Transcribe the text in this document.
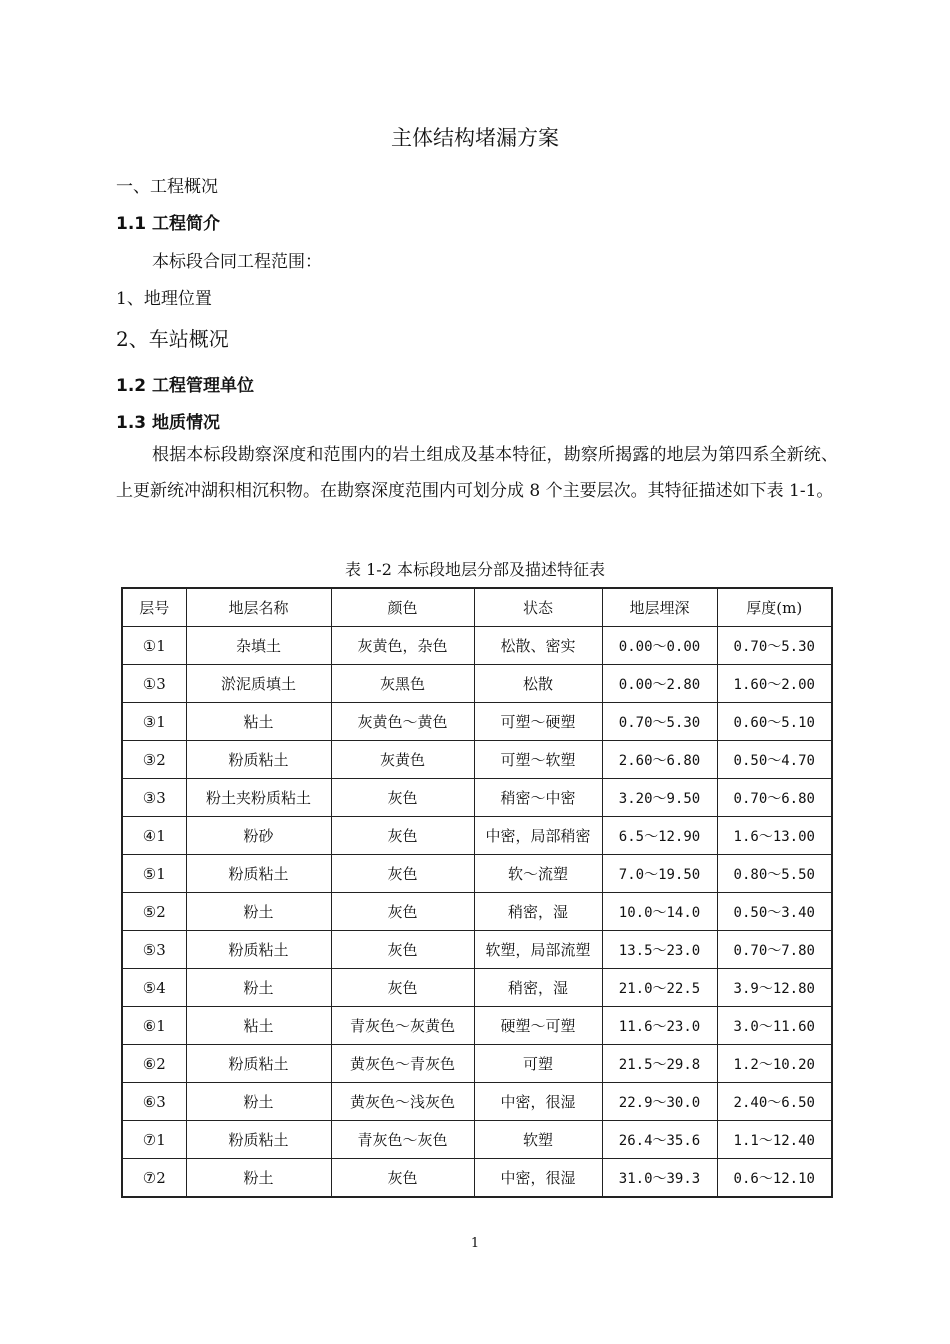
主体结构堵漏方案
一、工程概况
1.1 工程简介
本标段合同工程范围：
1、地理位置
2、车站概况
1.2 工程管理单位
1.3 地质情况
根据本标段勘察深度和范围内的岩土组成及基本特征，勘察所揭露的地层为第四系全新统、上更新统冲湖积相沉积物。在勘察深度范围内可划分成 8 个主要层次。其特征描述如下表 1-1。
表 1-2 本标段地层分部及描述特征表
层号	地层名称	颜色	状态	地层埋深	厚度(m)
①1	杂填土	灰黄色，杂色	松散、密实	0.00～0.00	0.70～5.30
①3	淤泥质填土	灰黑色	松散	0.00～2.80	1.60～2.00
③1	粘土	灰黄色～黄色	可塑～硬塑	0.70～5.30	0.60～5.10
③2	粉质粘土	灰黄色	可塑～软塑	2.60～6.80	0.50～4.70
③3	粉土夹粉质粘土	灰色	稍密～中密	3.20～9.50	0.70～6.80
④1	粉砂	灰色	中密，局部稍密	6.5～12.90	1.6～13.00
⑤1	粉质粘土	灰色	软～流塑	7.0～19.50	0.80～5.50
⑤2	粉土	灰色	稍密，湿	10.0～14.0	0.50～3.40
⑤3	粉质粘土	灰色	软塑，局部流塑	13.5～23.0	0.70～7.80
⑤4	粉土	灰色	稍密，湿	21.0～22.5	3.9～12.80
⑥1	粘土	青灰色～灰黄色	硬塑～可塑	11.6～23.0	3.0～11.60
⑥2	粉质粘土	黄灰色～青灰色	可塑	21.5～29.8	1.2～10.20
⑥3	粉土	黄灰色～浅灰色	中密，很湿	22.9～30.0	2.40～6.50
⑦1	粉质粘土	青灰色～灰色	软塑	26.4～35.6	1.1～12.40
⑦2	粉土	灰色	中密，很湿	31.0～39.3	0.6～12.10
1
